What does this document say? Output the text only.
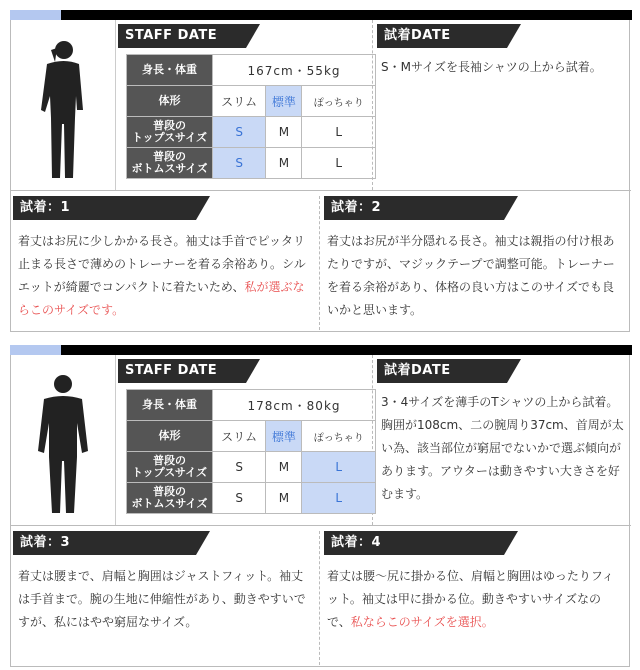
STAFF DATE
身長・体重	167cm・55kg		
体形	スリム	標準	ぽっちゃり
普段の
トップスサイズ	S	M	L
普段の
ボトムスサイズ	S	M	L
試着DATE
S・Mサイズを長袖シャツの上から試着。
試着：1
着丈はお尻に少しかかる長さ。袖丈は手首でピッタリ止まる長さで薄めのトレーナーを着る余裕あり。シルエットが綺麗でコンパクトに着たいため、私が選ぶならこのサイズです。
試着：2
着丈はお尻が半分隠れる長さ。袖丈は親指の付け根あたりですが、マジックテープで調整可能。トレーナーを着る余裕があり、体格の良い方はこのサイズでも良いかと思います。
STAFF DATE
身長・体重	178cm・80kg		
体形	スリム	標準	ぽっちゃり
普段の
トップスサイズ	S	M	L
普段の
ボトムスサイズ	S	M	L
試着DATE
3・4サイズを薄手のTシャツの上から試着。胸囲が108cm、二の腕周り37cm、首周が太い為、該当部位が窮屈でないかで選ぶ傾向があります。アウターは動きやすい大きさを好むます。
試着：3
着丈は腰まで、肩幅と胸囲はジャストフィット。袖丈は手首まで。腕の生地に伸縮性があり、動きやすいですが、私にはやや窮屈なサイズ。
試着：4
着丈は腰〜尻に掛かる位、肩幅と胸囲はゆったりフィット。袖丈は甲に掛かる位。動きやすいサイズなので、私ならこのサイズを選択。
